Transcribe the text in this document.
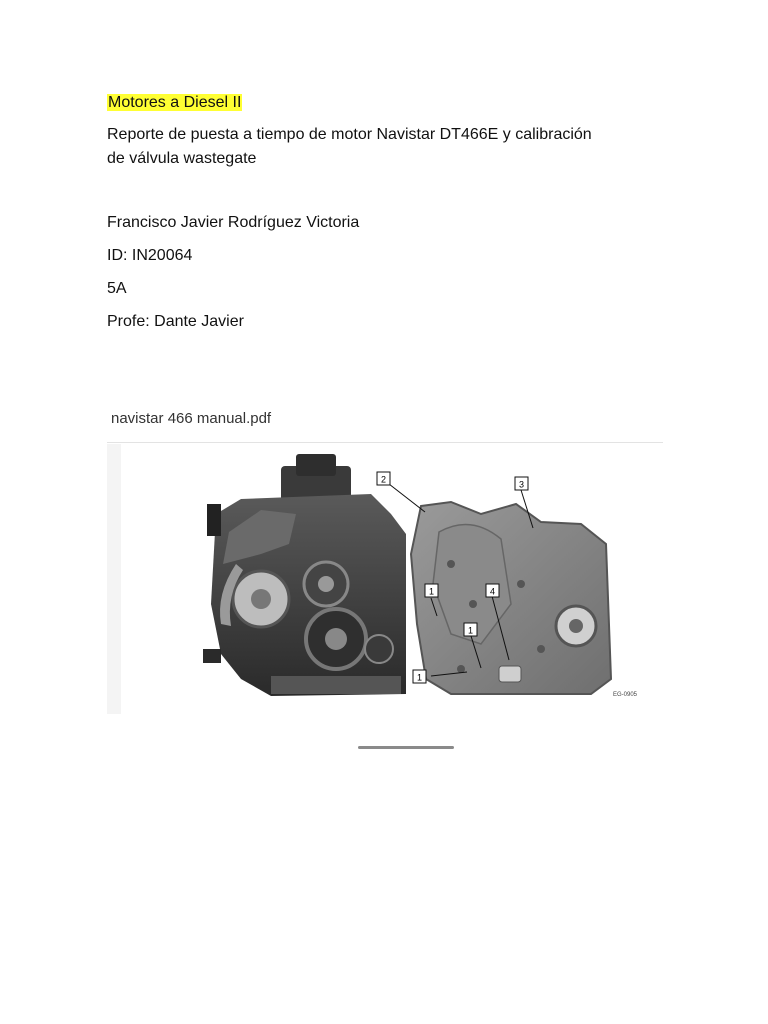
Motores a Diesel II
Reporte de puesta a tiempo de motor Navistar DT466E y calibración
de válvula wastegate
Francisco Javier Rodríguez Victoria
ID: IN20064
5A
Profe: Dante Javier
navistar 466 manual.pdf
2	3
1	4
1
1
EG-0905
